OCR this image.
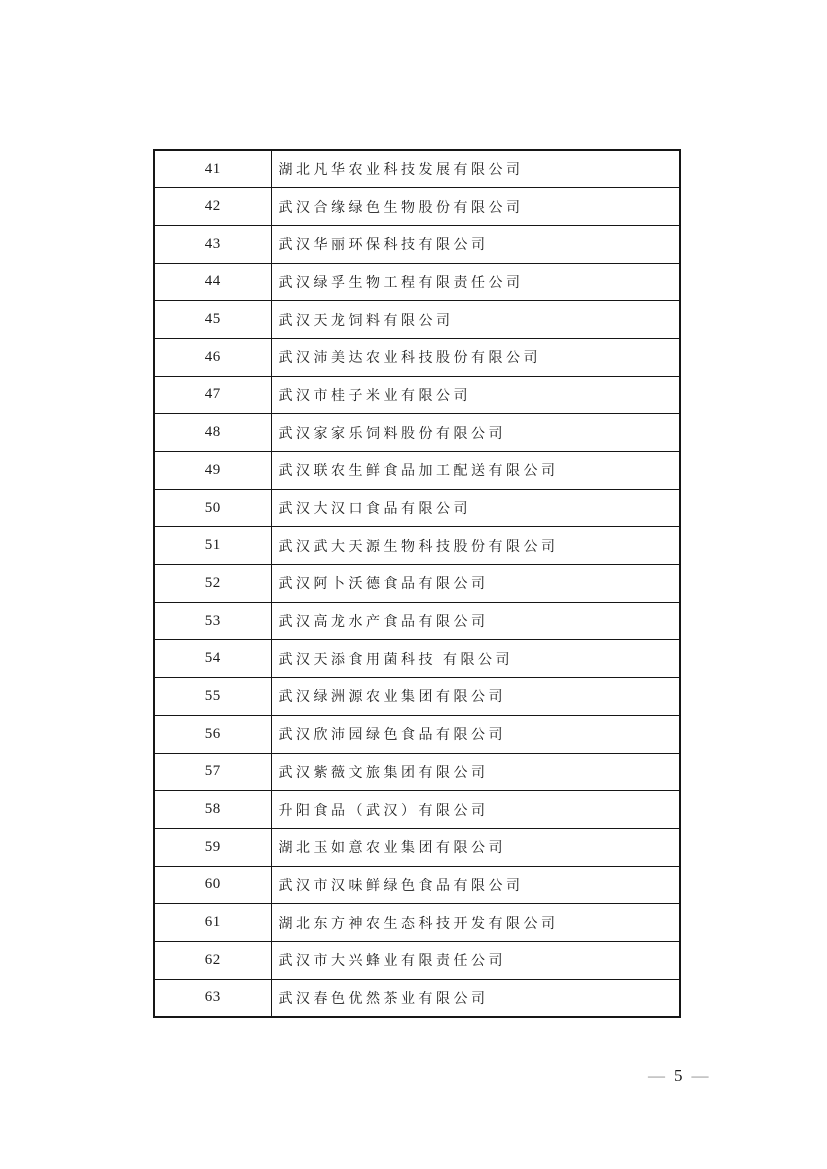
41	湖北凡华农业科技发展有限公司
42	武汉合缘绿色生物股份有限公司
43	武汉华丽环保科技有限公司
44	武汉绿孚生物工程有限责任公司
45	武汉天龙饲料有限公司
46	武汉沛美达农业科技股份有限公司
47	武汉市桂子米业有限公司
48	武汉家家乐饲料股份有限公司
49	武汉联农生鲜食品加工配送有限公司
50	武汉大汉口食品有限公司
51	武汉武大天源生物科技股份有限公司
52	武汉阿卜沃德食品有限公司
53	武汉高龙水产食品有限公司
54	武汉天添食用菌科技 有限公司
55	武汉绿洲源农业集团有限公司
56	武汉欣沛园绿色食品有限公司
57	武汉紫薇文旅集团有限公司
58	升阳食品（武汉）有限公司
59	湖北玉如意农业集团有限公司
60	武汉市汉味鲜绿色食品有限公司
61	湖北东方神农生态科技开发有限公司
62	武汉市大兴蜂业有限责任公司
63	武汉春色优然茶业有限公司
— 5 —
